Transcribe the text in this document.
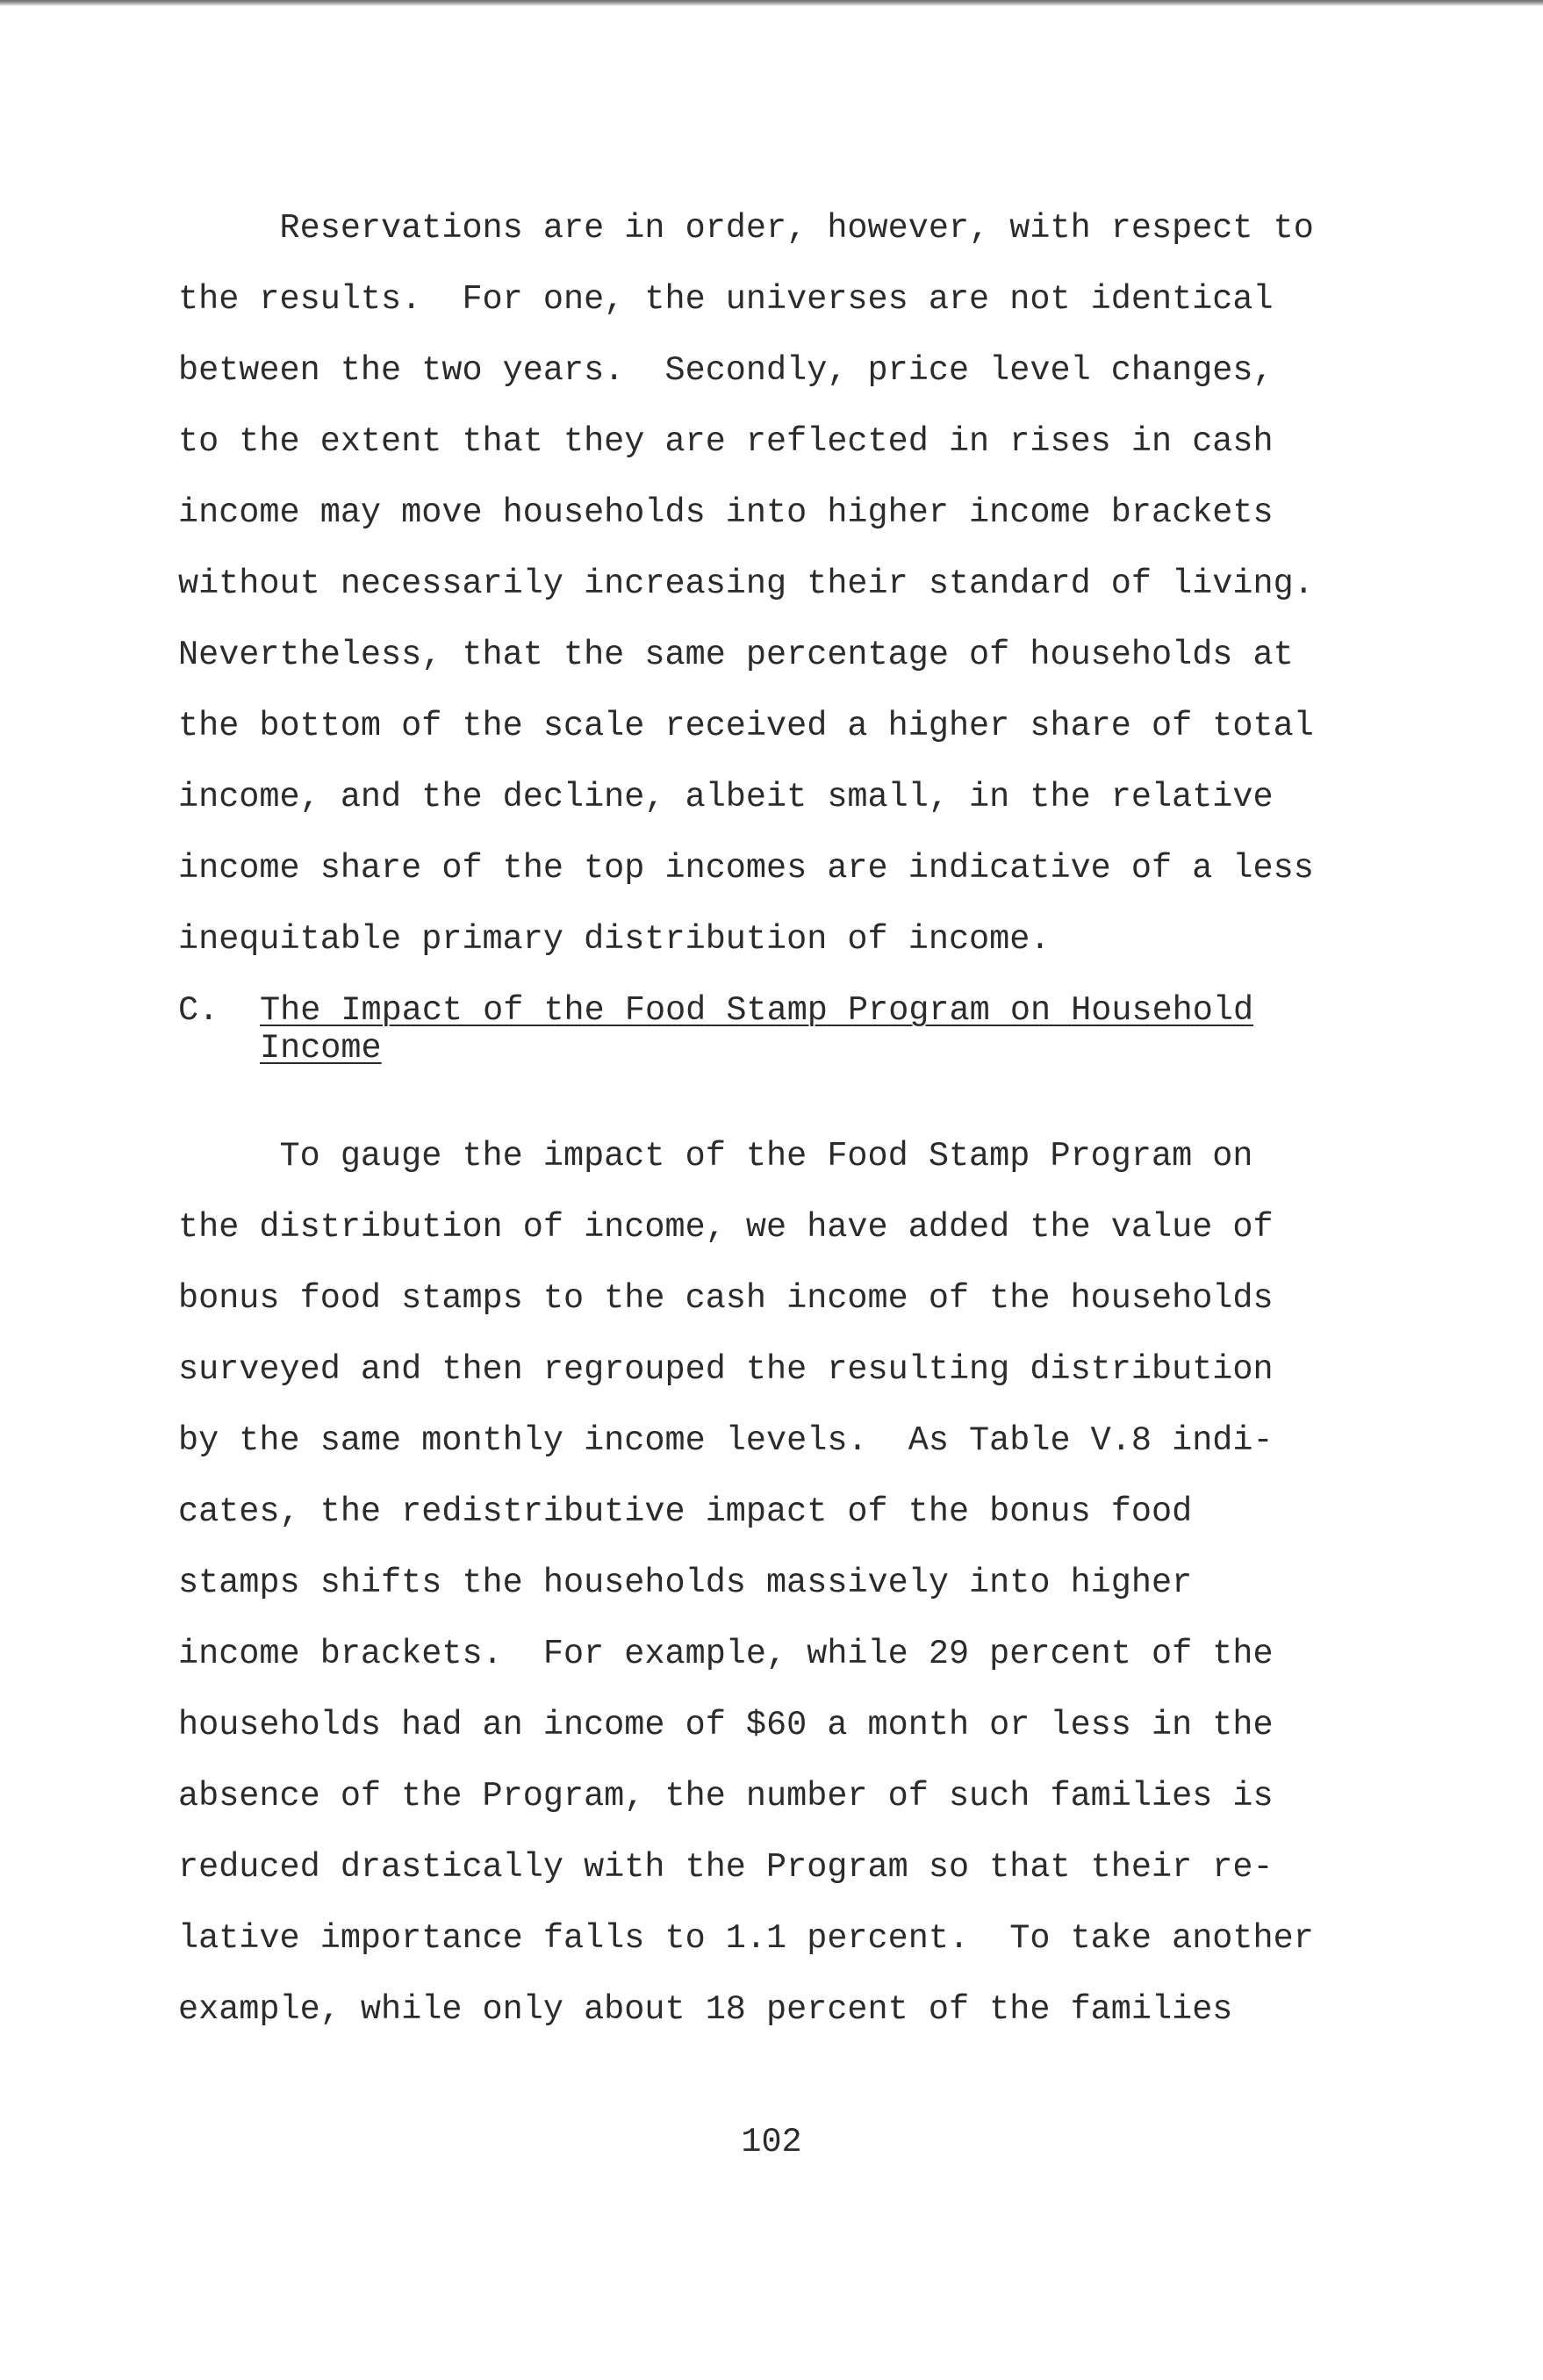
Reservations are in order, however, with respect to

the results.  For one, the universes are not identical

between the two years.  Secondly, price level changes,

to the extent that they are reflected in rises in cash

income may move households into higher income brackets

without necessarily increasing their standard of living.

Nevertheless, that the same percentage of households at

the bottom of the scale received a higher share of total

income, and the decline, albeit small, in the relative

income share of the top incomes are indicative of a less

inequitable primary distribution of income.

C. The Impact of the Food Stamp Program on Household

Income

To gauge the impact of the Food Stamp Program on

the distribution of income, we have added the value of

bonus food stamps to the cash income of the households

surveyed and then regrouped the resulting distribution

by the same monthly income levels.  As Table V.8 indi-

cates, the redistributive impact of the bonus food

stamps shifts the households massively into higher

income brackets.  For example, while 29 percent of the

households had an income of $60 a month or less in the

absence of the Program, the number of such families is

reduced drastically with the Program so that their re-

lative importance falls to 1.1 percent.  To take another

example, while only about 18 percent of the families

102
